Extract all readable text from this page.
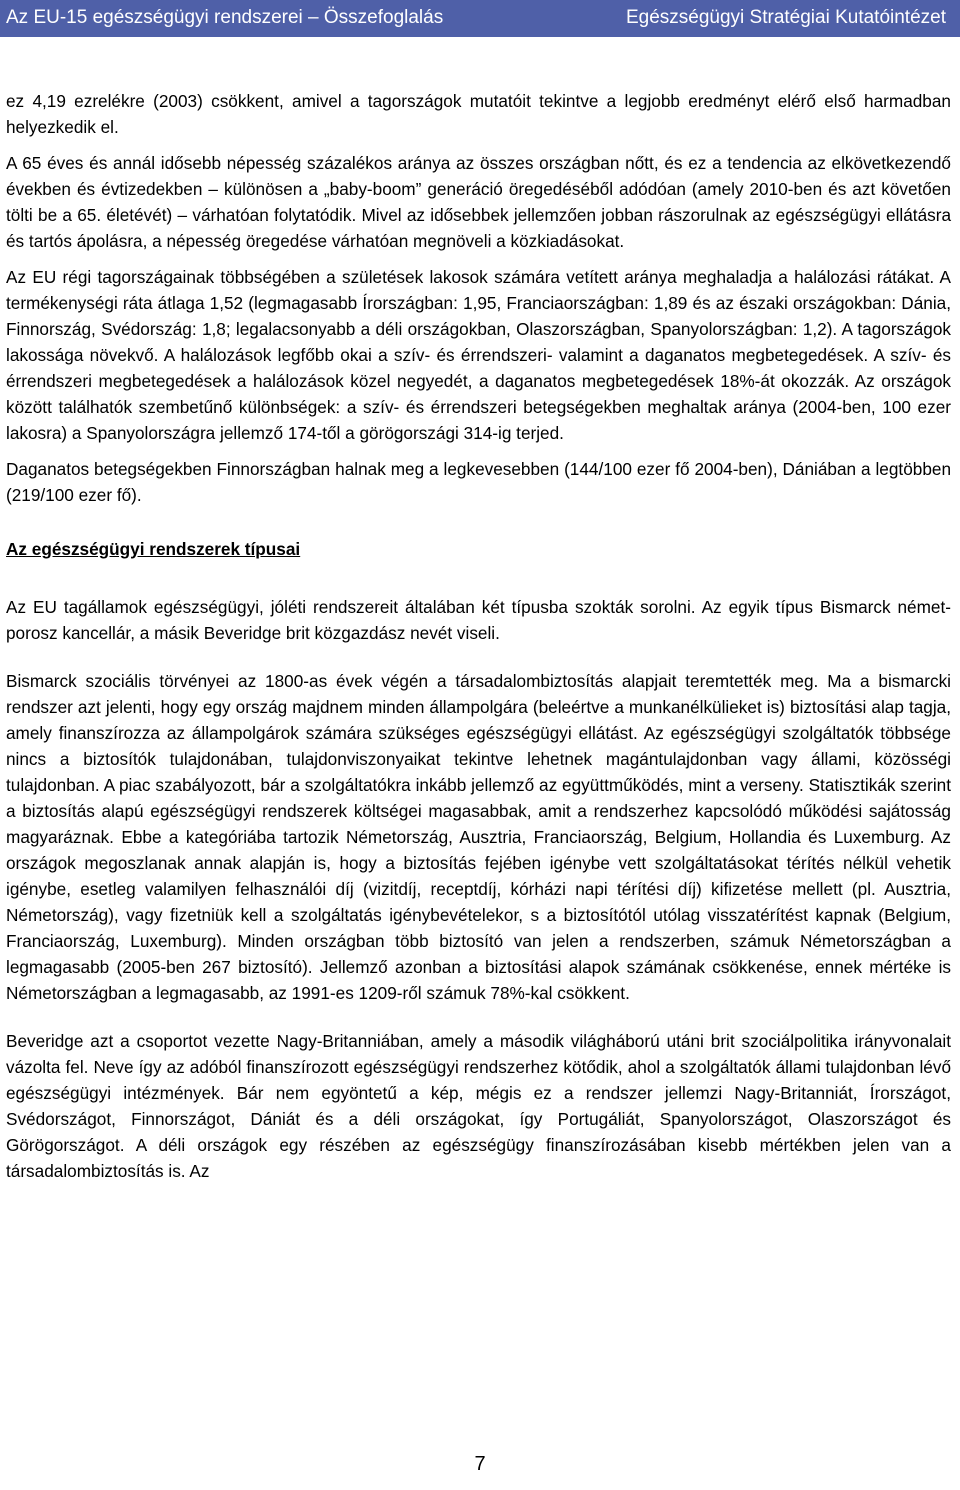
Az EU-15 egészségügyi rendszerei – Összefoglalás	Egészségügyi Stratégiai Kutatóintézet

ez 4,19 ezrelékre (2003) csökkent, amivel a tagországok mutatóit tekintve a legjobb eredményt elérő első harmadban helyezkedik el.

A 65 éves és annál idősebb népesség százalékos aránya az összes országban nőtt, és ez a tendencia az elkövetkezendő években és évtizedekben – különösen a „baby-boom” generáció öregedéséből adódóan (amely 2010-ben és azt követően tölti be a 65. életévét) – várhatóan folytatódik. Mivel az idősebbek jellemzően jobban rászorulnak az egészségügyi ellátásra és tartós ápolásra, a népesség öregedése várhatóan megnöveli a közkiadásokat.

Az EU régi tagországainak többségében a születések lakosok számára vetített aránya meghaladja a halálozási rátákat. A termékenységi ráta átlaga 1,52 (legmagasabb Írországban: 1,95, Franciaországban: 1,89 és az északi országokban: Dánia, Finnország, Svédország: 1,8; legalacsonyabb a déli országokban, Olaszországban, Spanyolországban: 1,2). A tagországok lakossága növekvő. A halálozások legfőbb okai a szív- és érrendszeri- valamint a daganatos megbetegedések. A szív- és érrendszeri megbetegedések a halálozások közel negyedét, a daganatos megbetegedések 18%-át okozzák. Az országok között találhatók szembetűnő különbségek: a szív- és érrendszeri betegségekben meghaltak aránya (2004-ben, 100 ezer lakosra) a Spanyolországra jellemző 174-től a görögországi 314-ig terjed.

Daganatos betegségekben Finnországban halnak meg a legkevesebben (144/100 ezer fő 2004-ben), Dániában a legtöbben (219/100 ezer fő).

Az egészségügyi rendszerek típusai

Az EU tagállamok egészségügyi, jóléti rendszereit általában két típusba szokták sorolni. Az egyik típus Bismarck német-porosz kancellár, a másik Beveridge brit közgazdász nevét viseli.

Bismarck szociális törvényei az 1800-as évek végén a társadalombiztosítás alapjait teremtették meg. Ma a bismarcki rendszer azt jelenti, hogy egy ország majdnem minden állampolgára (beleértve a munkanélkülieket is) biztosítási alap tagja, amely finanszírozza az állampolgárok számára szükséges egészségügyi ellátást. Az egészségügyi szolgáltatók többsége nincs a biztosítók tulajdonában, tulajdonviszonyaikat tekintve lehetnek magántulajdonban vagy állami, közösségi tulajdonban. A piac szabályozott, bár a szolgáltatókra inkább jellemző az együttműködés, mint a verseny. Statisztikák szerint a biztosítás alapú egészségügyi rendszerek költségei magasabbak, amit a rendszerhez kapcsolódó működési sajátosság magyaráznak. Ebbe a kategóriába tartozik Németország, Ausztria, Franciaország, Belgium, Hollandia és Luxemburg. Az országok megoszlanak annak alapján is, hogy a biztosítás fejében igénybe vett szolgáltatásokat térítés nélkül vehetik igénybe, esetleg valamilyen felhasználói díj (vizitdíj, receptdíj, kórházi napi térítési díj) kifizetése mellett (pl. Ausztria, Németország), vagy fizetniük kell a szolgáltatás igénybevételekor, s a biztosítótól utólag visszatérítést kapnak (Belgium, Franciaország, Luxemburg). Minden országban több biztosító van jelen a rendszerben, számuk Németországban a legmagasabb (2005-ben 267 biztosító). Jellemző azonban a biztosítási alapok számának csökkenése, ennek mértéke is Németországban a legmagasabb, az 1991-es 1209-ről számuk 78%-kal csökkent.

Beveridge azt a csoportot vezette Nagy-Britanniában, amely a második világháború utáni brit szociálpolitika irányvonalait vázolta fel. Neve így az adóból finanszírozott egészségügyi rendszerhez kötődik, ahol a szolgáltatók állami tulajdonban lévő egészségügyi intézmények. Bár nem egyöntetű a kép, mégis ez a rendszer jellemzi Nagy-Britanniát, Írországot, Svédországot, Finnországot, Dániát és a déli országokat, így Portugáliát, Spanyolországot, Olaszországot és Görögországot. A déli országok egy részében az egészségügy finanszírozásában kisebb mértékben jelen van a társadalombiztosítás is. Az

7
